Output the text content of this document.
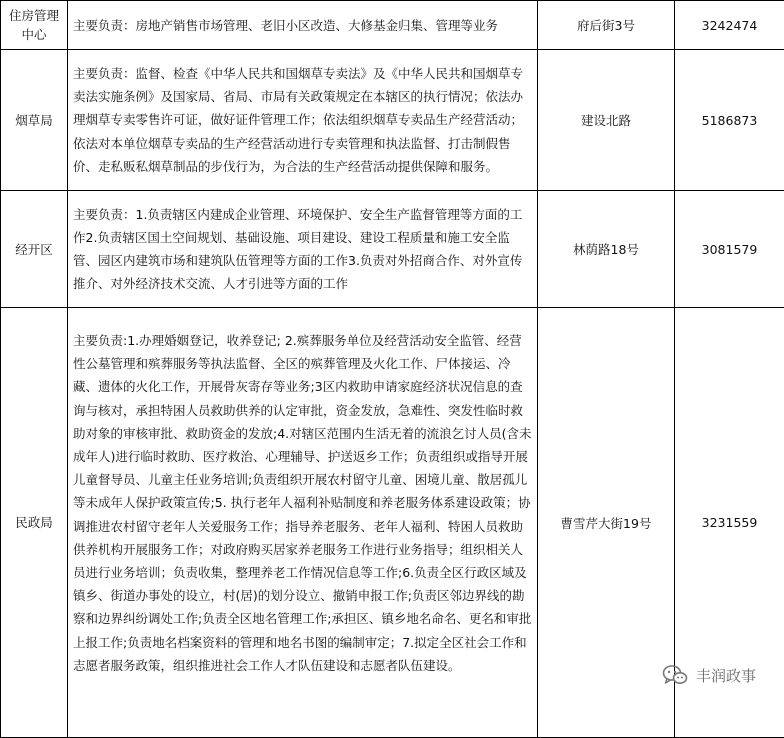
住房管理中心	主要负责：房地产销售市场管理、老旧小区改造、大修基金归集、管理等业务	府后街3号	3242474
烟草局	主要负责：监督、检查《中华人民共和国烟草专卖法》及《中华人民共和国烟草专卖法实施条例》及国家局、省局、市局有关政策规定在本辖区的执行情况；依法办理烟草专卖零售许可证，做好证件管理工作；依法组织烟草专卖品生产经营活动；依法对本单位烟草专卖品的生产经营活动进行专卖管理和执法监督、打击制假售价、走私贩私烟草制品的步伐行为，为合法的生产经营活动提供保障和服务。	建设北路	5186873
经开区	主要负责：1.负责辖区内建成企业管理、环境保护、安全生产监督管理等方面的工作2.负责辖区国土空间规划、基础设施、项目建设、建设工程质量和施工安全监管、园区内建筑市场和建筑队伍管理等方面的工作3.负责对外招商合作、对外宣传推介、对外经济技术交流、人才引进等方面的工作	林荫路18号	3081579
民政局	主要负责:1.办理婚姻登记，收养登记; 2.殡葬服务单位及经营活动安全监管、经营性公墓管理和殡葬服务等执法监督、全区的殡葬管理及火化工作、尸体接运、冷藏、遗体的火化工作，开展骨灰寄存等业务;3区内救助申请家庭经济状况信息的查询与核对，承担特困人员救助供养的认定审批，资金发放，急难性、突发性临时救助对象的审核审批、救助资金的发放;4.对辖区范围内生活无着的流浪乞讨人员(含未成年人)进行临时救助、医疗救治、心理辅导、护送返乡工作；负责组织或指导开展儿童督导员、儿童主任业务培训;负责组织开展农村留守儿童、困境儿童、散居孤儿等未成年人保护政策宣传;5. 执行老年人福利补贴制度和养老服务体系建设政策；协调推进农村留守老年人关爱服务工作；指导养老服务、老年人福利、特困人员救助供养机构开展服务工作；对政府购买居家养老服务工作进行业务指导；组织相关人员进行业务培训；负责收集，整理养老工作情况信息等工作;6.负责全区行政区域及镇乡、街道办事处的设立，村(居)的划分设立、撤销申报工作;负责区邻边界线的勘察和边界纠纷调处工作;负责全区地名管理工作;承担区、镇乡地名命名、更名和审批上报工作;负责地名档案资料的管理和地名书图的编制审定；7.拟定全区社会工作和志愿者服务政策，组织推进社会工作人才队伍建设和志愿者队伍建设。	曹雪芹大街19号	3231559
丰润政事
